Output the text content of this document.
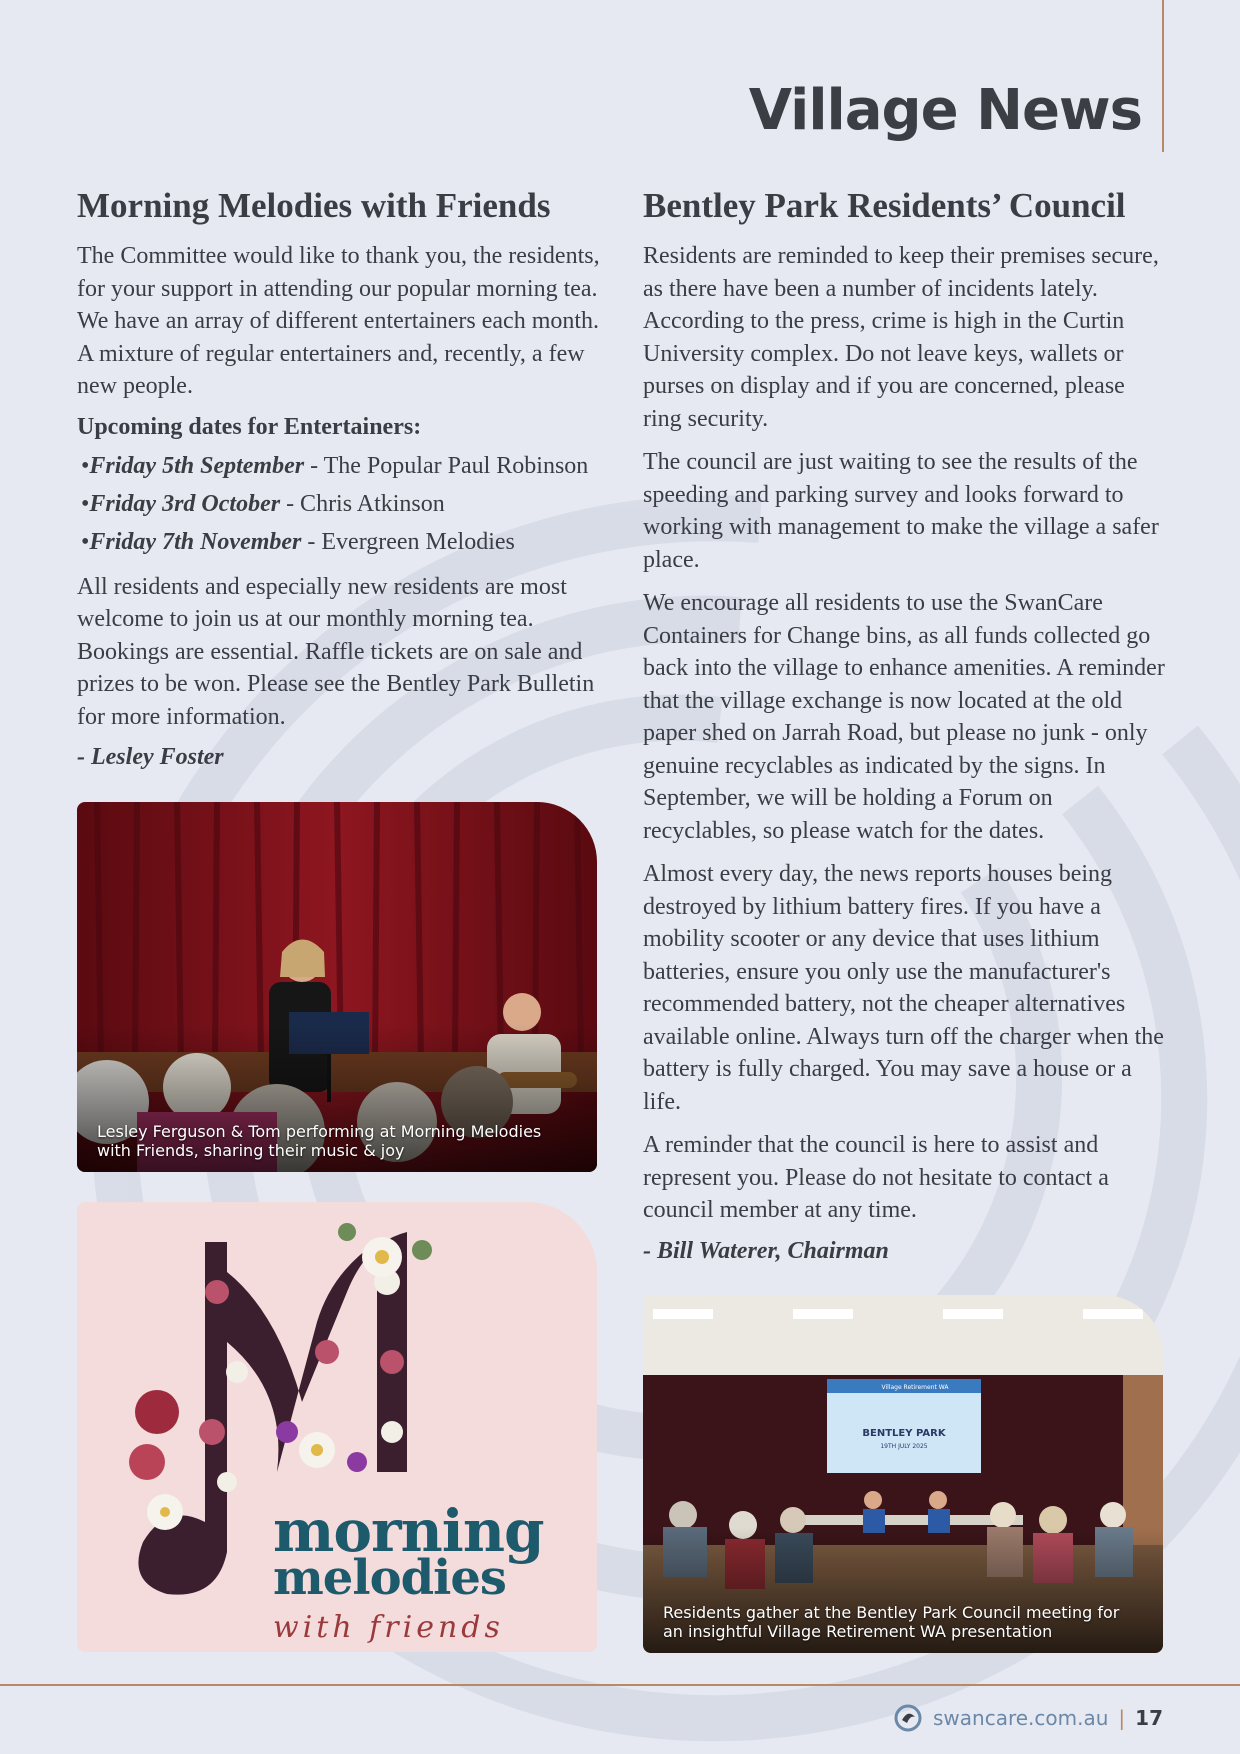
Village News
Morning Melodies with Friends

The Committee would like to thank you, the residents, for your support in attending our popular morning tea. We have an array of different entertainers each month. A mixture of regular entertainers and, recently, a few new people.

Upcoming dates for Entertainers:
•Friday 5th September - The Popular Paul Robinson
•Friday 3rd October - Chris Atkinson
•Friday 7th November - Evergreen Melodies

All residents and especially new residents are most welcome to join us at our monthly morning tea. Bookings are essential. Raffle tickets are on sale and prizes to be won. Please see the Bentley Park Bulletin for more information.

- Lesley Foster
Lesley Ferguson & Tom performing at Morning Melodies with Friends, sharing their music & joy
morning
melodies
with friends
Bentley Park Residents’ Council

Residents are reminded to keep their premises secure, as there have been a number of incidents lately. According to the press, crime is high in the Curtin University complex. Do not leave keys, wallets or purses on display and if you are concerned, please ring security.

The council are just waiting to see the results of the speeding and parking survey and looks forward to working with management to make the village a safer place.

We encourage all residents to use the SwanCare Containers for Change bins, as all funds collected go back into the village to enhance amenities. A reminder that the village exchange is now located at the old paper shed on Jarrah Road, but please no junk - only genuine recyclables as indicated by the signs. In September, we will be holding a Forum on recyclables, so please watch for the dates.

Almost every day, the news reports houses being destroyed by lithium battery fires. If you have a mobility scooter or any device that uses lithium batteries, ensure you only use the manufacturer's recommended battery, not the cheaper alternatives available online. Always turn off the charger when the battery is fully charged. You may save a house or a life.

A reminder that the council is here to assist and represent you. Please do not hesitate to contact a council member at any time.

- Bill Waterer, Chairman
Residents gather at the Bentley Park Council meeting for an insightful Village Retirement WA presentation
swancare.com.au | 17
